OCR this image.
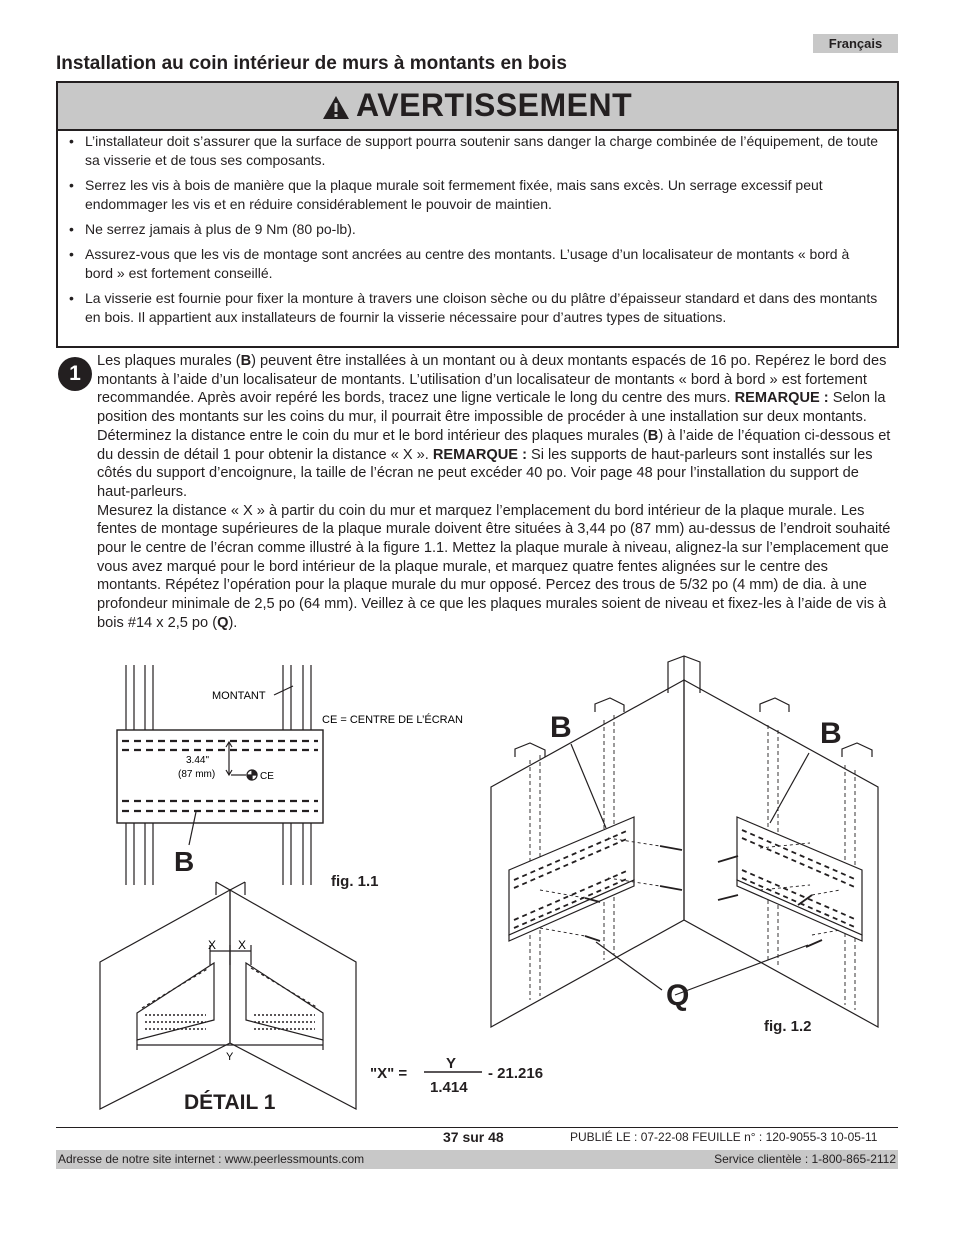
Français
Installation au coin intérieur de murs à montants en bois
AVERTISSEMENT
• L’installateur doit s’assurer que la surface de support pourra soutenir sans danger la charge combinée de l’équipement, de toute sa visserie et de tous ses composants.
• Serrez les vis à bois de manière que la plaque murale soit fermement fixée, mais sans excès. Un serrage excessif peut endommager les vis et en réduire considérablement le pouvoir de maintien.
• Ne serrez jamais à plus de 9 Nm (80 po-lb).
• Assurez-vous que les vis de montage sont ancrées au centre des montants. L’usage d’un localisateur de montants « bord à bord » est fortement conseillé.
• La visserie est fournie pour fixer la monture à travers une cloison sèche ou du plâtre d’épaisseur standard et dans des montants en bois. Il appartient aux installateurs de fournir la visserie nécessaire pour d’autres types de situations.
1
Les plaques murales (B) peuvent être installées à un montant ou à deux montants espacés de 16 po. Repérez le bord des montants à l’aide d’un localisateur de montants. L’utilisation d’un localisateur de montants « bord à bord » est fortement recommandée. Après avoir repéré les bords, tracez une ligne verticale le long du centre des murs. REMARQUE : Selon la position des montants sur les coins du mur, il pourrait être impossible de procéder à une installation sur deux montants.
Déterminez la distance entre le coin du mur et le bord intérieur des plaques murales (B) à l’aide de l’équation ci-dessous et du dessin de détail 1 pour obtenir la distance « X ». REMARQUE : Si les supports de haut-parleurs sont installés sur les côtés du support d’encoignure, la taille de l’écran ne peut excéder 40 po. Voir page 48 pour l’installation du support de haut-parleurs.
Mesurez la distance « X » à partir du coin du mur et marquez l’emplacement du bord intérieur de la plaque murale. Les fentes de montage supérieures de la plaque murale doivent être situées à 3,44 po (87 mm) au-dessus de l’endroit souhaité pour le centre de l’écran comme illustré à la figure 1.1. Mettez la plaque murale à niveau, alignez-la sur l’emplacement que vous avez marqué pour le bord intérieur de la plaque murale, et marquez quatre fentes alignées sur le centre des montants. Répétez l’opération pour la plaque murale du mur opposé. Percez des trous de 5/32 po (4 mm) de dia. à une profondeur minimale de 2,5 po (64 mm). Veillez à ce que les plaques murales soient de niveau et fixez-les à l’aide de vis à bois #14 x 2,5 po (Q).
MONTANT
CE = CENTRE DE L’ÉCRAN
3.44"
(87 mm)	CE
B
fig. 1.1
X X
Y
DÉTAIL 1
"X" =
Y
1.414
- 21.216
B	B
Q
fig. 1.2
37 sur 48	PUBLIÉ LE : 07-22-08 FEUILLE n° : 120-9055-3 10-05-11
Adresse de notre site internet : www.peerlessmounts.com	Service clientèle : 1-800-865-2112
